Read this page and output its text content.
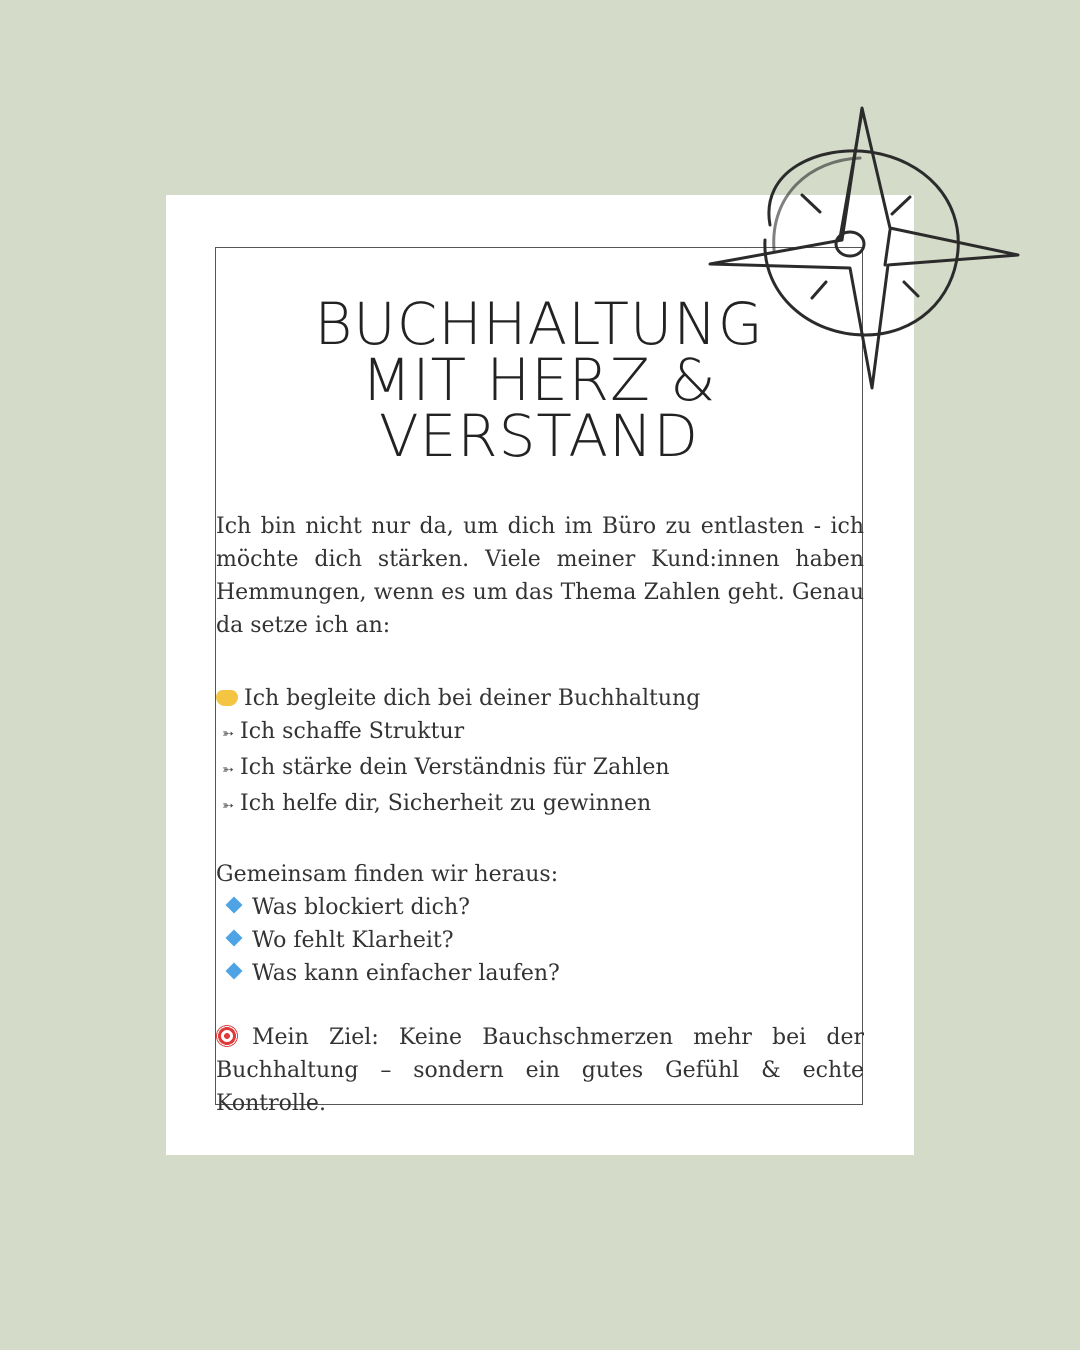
BUCHHALTUNG
MIT HERZ &
VERSTAND

Ich bin nicht nur da, um dich im Büro zu entlasten - ich möchte dich stärken. Viele meiner Kund:innen haben Hemmungen, wenn es um das Thema Zahlen geht. Genau da setze ich an:

Ich begleite dich bei deiner Buchhaltung
➳ Ich schaffe Struktur
➳ Ich stärke dein Verständnis für Zahlen
➳ Ich helfe dir, Sicherheit zu gewinnen
Gemeinsam finden wir heraus:
Was blockiert dich?
Wo fehlt Klarheit?
Was kann einfacher laufen?

Mein Ziel: Keine Bauchschmerzen mehr bei der Buchhaltung – sondern ein gutes Gefühl & echte Kontrolle.
